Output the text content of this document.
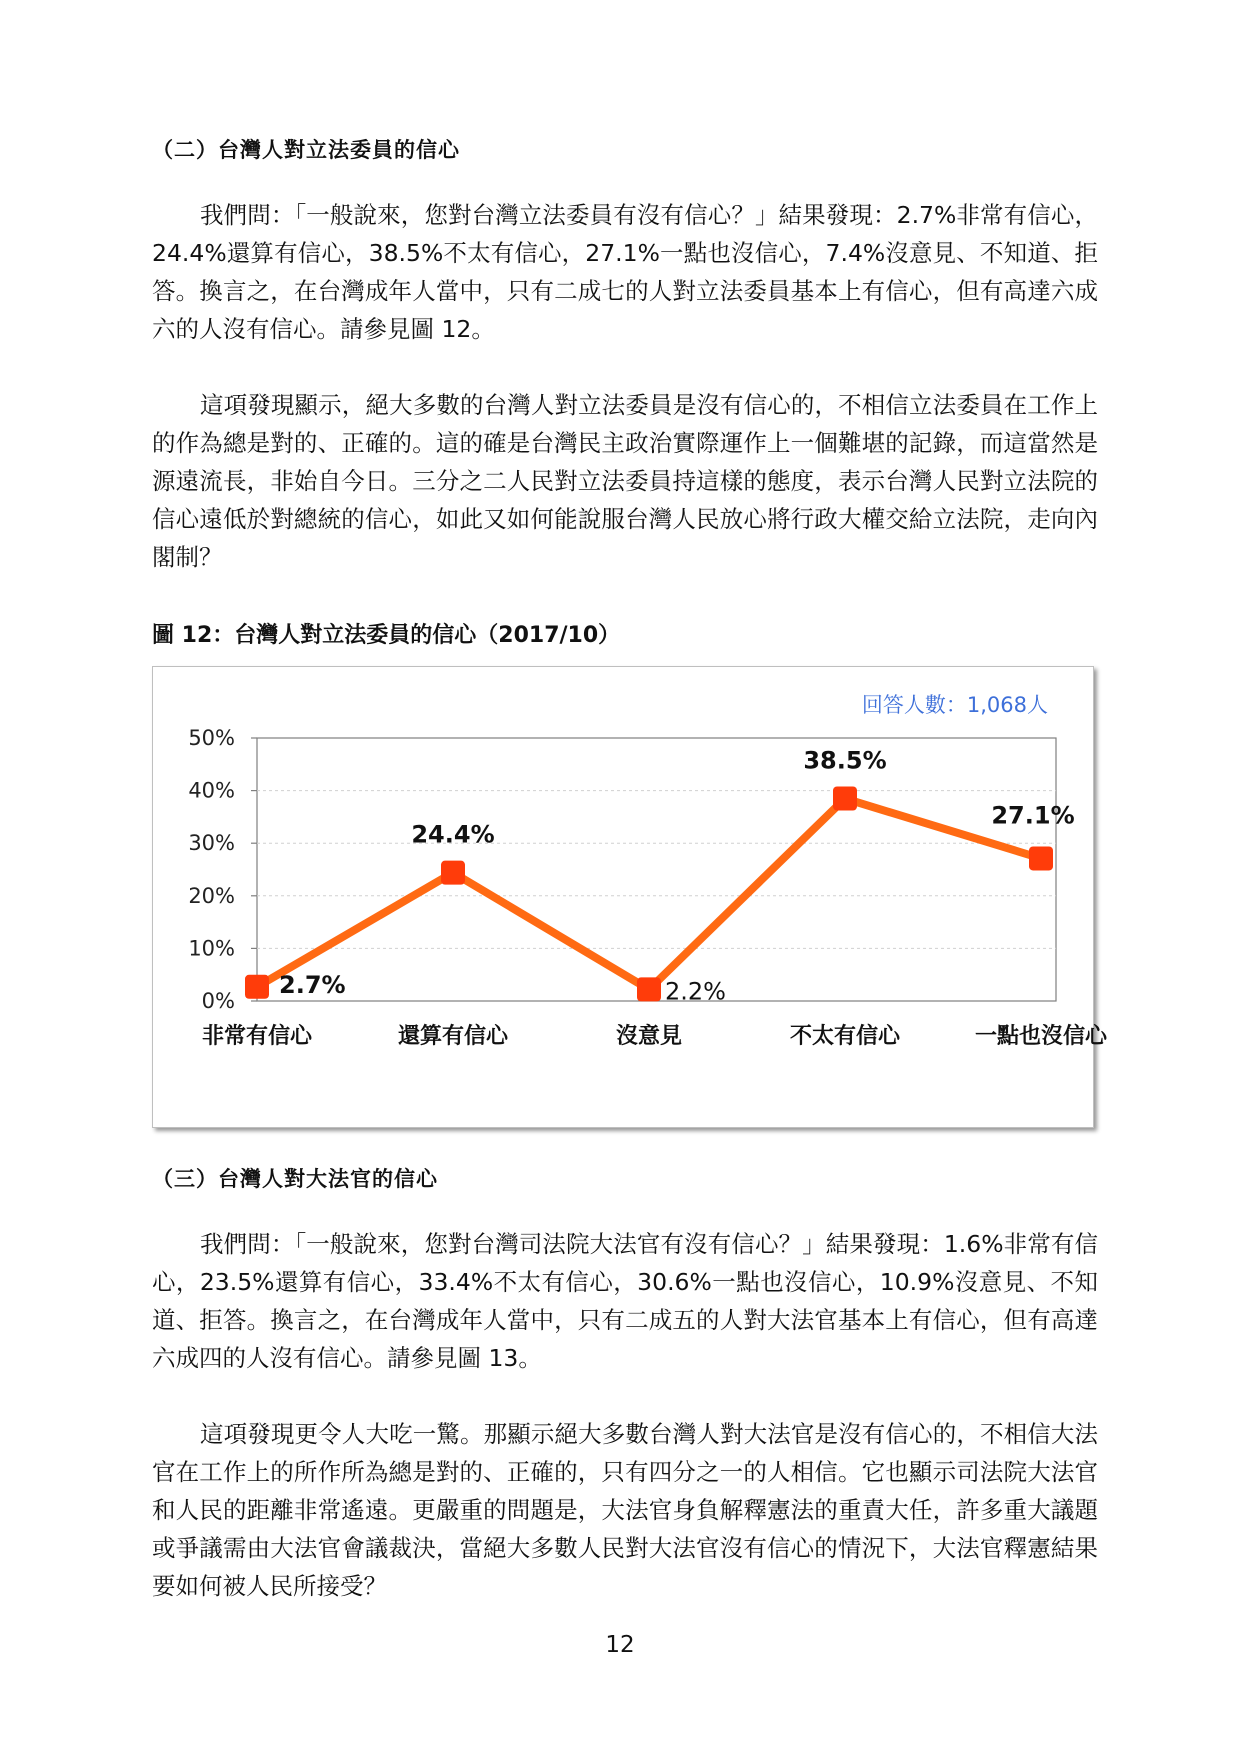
（二）台灣人對立法委員的信心
我們問：「一般說來，您對台灣立法委員有沒有信心？」結果發現：2.7%非常有信心，24.4%還算有信心，38.5%不太有信心，27.1%一點也沒信心，7.4%沒意見、不知道、拒答。換言之，在台灣成年人當中，只有二成七的人對立法委員基本上有信心，但有高達六成六的人沒有信心。請參見圖 12。
這項發現顯示，絕大多數的台灣人對立法委員是沒有信心的，不相信立法委員在工作上的作為總是對的、正確的。這的確是台灣民主政治實際運作上一個難堪的記錄，而這當然是源遠流長，非始自今日。三分之二人民對立法委員持這樣的態度，表示台灣人民對立法院的信心遠低於對總統的信心，如此又如何能說服台灣人民放心將行政大權交給立法院，走向內閣制？
圖 12：台灣人對立法委員的信心（2017/10）
0%
10%
20%
30%
40%
50%
2.7%
24.4%
2.2%
38.5%
27.1%
非常有信心	還算有信心	沒意見	不太有信心	一點也沒信心
回答人數：1,068人
（三）台灣人對大法官的信心
我們問：「一般說來，您對台灣司法院大法官有沒有信心？」結果發現：1.6%非常有信心，23.5%還算有信心，33.4%不太有信心，30.6%一點也沒信心，10.9%沒意見、不知道、拒答。換言之，在台灣成年人當中，只有二成五的人對大法官基本上有信心，但有高達六成四的人沒有信心。請參見圖 13。
這項發現更令人大吃一驚。那顯示絕大多數台灣人對大法官是沒有信心的，不相信大法官在工作上的所作所為總是對的、正確的，只有四分之一的人相信。它也顯示司法院大法官和人民的距離非常遙遠。更嚴重的問題是，大法官身負解釋憲法的重責大任，許多重大議題或爭議需由大法官會議裁決，當絕大多數人民對大法官沒有信心的情況下，大法官釋憲結果要如何被人民所接受？
12
